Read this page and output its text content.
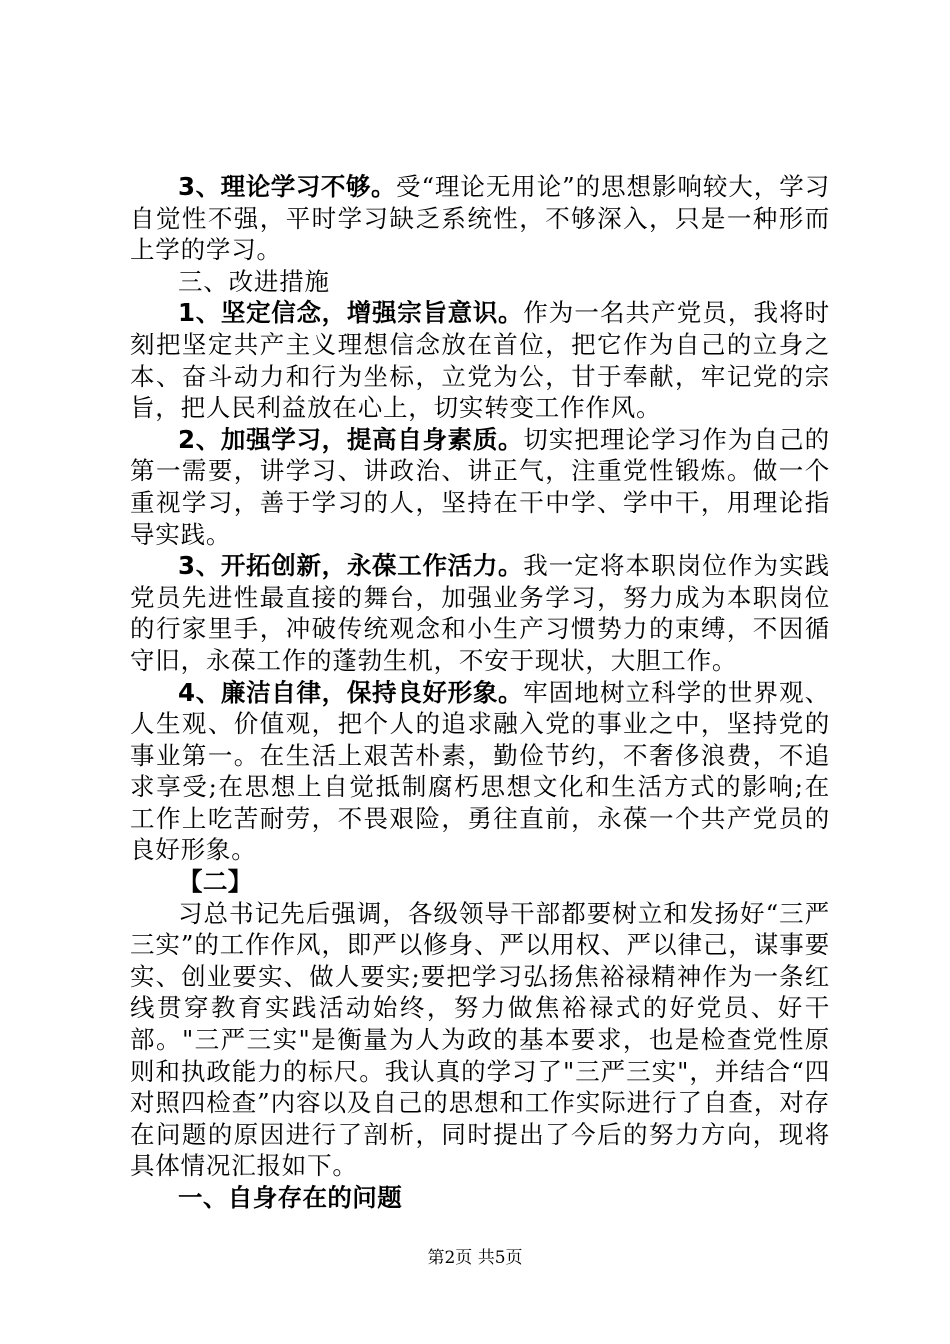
3、理论学习不够。受“理论无用论”的思想影响较大，学习自觉性不强，平时学习缺乏系统性，不够深入，只是一种形而上学的学习。

三、改进措施

1、坚定信念，增强宗旨意识。作为一名共产党员，我将时刻把坚定共产主义理想信念放在首位，把它作为自己的立身之本、奋斗动力和行为坐标，立党为公，甘于奉献，牢记党的宗旨，把人民利益放在心上，切实转变工作作风。

2、加强学习，提高自身素质。切实把理论学习作为自己的第一需要，讲学习、讲政治、讲正气，注重党性锻炼。做一个重视学习，善于学习的人，坚持在干中学、学中干，用理论指导实践。

3、开拓创新，永葆工作活力。我一定将本职岗位作为实践党员先进性最直接的舞台，加强业务学习，努力成为本职岗位的行家里手，冲破传统观念和小生产习惯势力的束缚，不因循守旧，永葆工作的蓬勃生机，不安于现状，大胆工作。

4、廉洁自律，保持良好形象。牢固地树立科学的世界观、人生观、价值观，把个人的追求融入党的事业之中，坚持党的事业第一。在生活上艰苦朴素，勤俭节约，不奢侈浪费，不追求享受;在思想上自觉抵制腐朽思想文化和生活方式的影响;在工作上吃苦耐劳，不畏艰险，勇往直前，永葆一个共产党员的良好形象。

【二】

习总书记先后强调，各级领导干部都要树立和发扬好“三严三实”的工作作风，即严以修身、严以用权、严以律己，谋事要实、创业要实、做人要实;要把学习弘扬焦裕禄精神作为一条红线贯穿教育实践活动始终，努力做焦裕禄式的好党员、好干部。"三严三实"是衡量为人为政的基本要求，也是检查党性原则和执政能力的标尺。我认真的学习了"三严三实"，并结合“四对照四检查”内容以及自己的思想和工作实际进行了自查，对存在问题的原因进行了剖析，同时提出了今后的努力方向，现将具体情况汇报如下。

一、自身存在的问题

第2页 共5页
